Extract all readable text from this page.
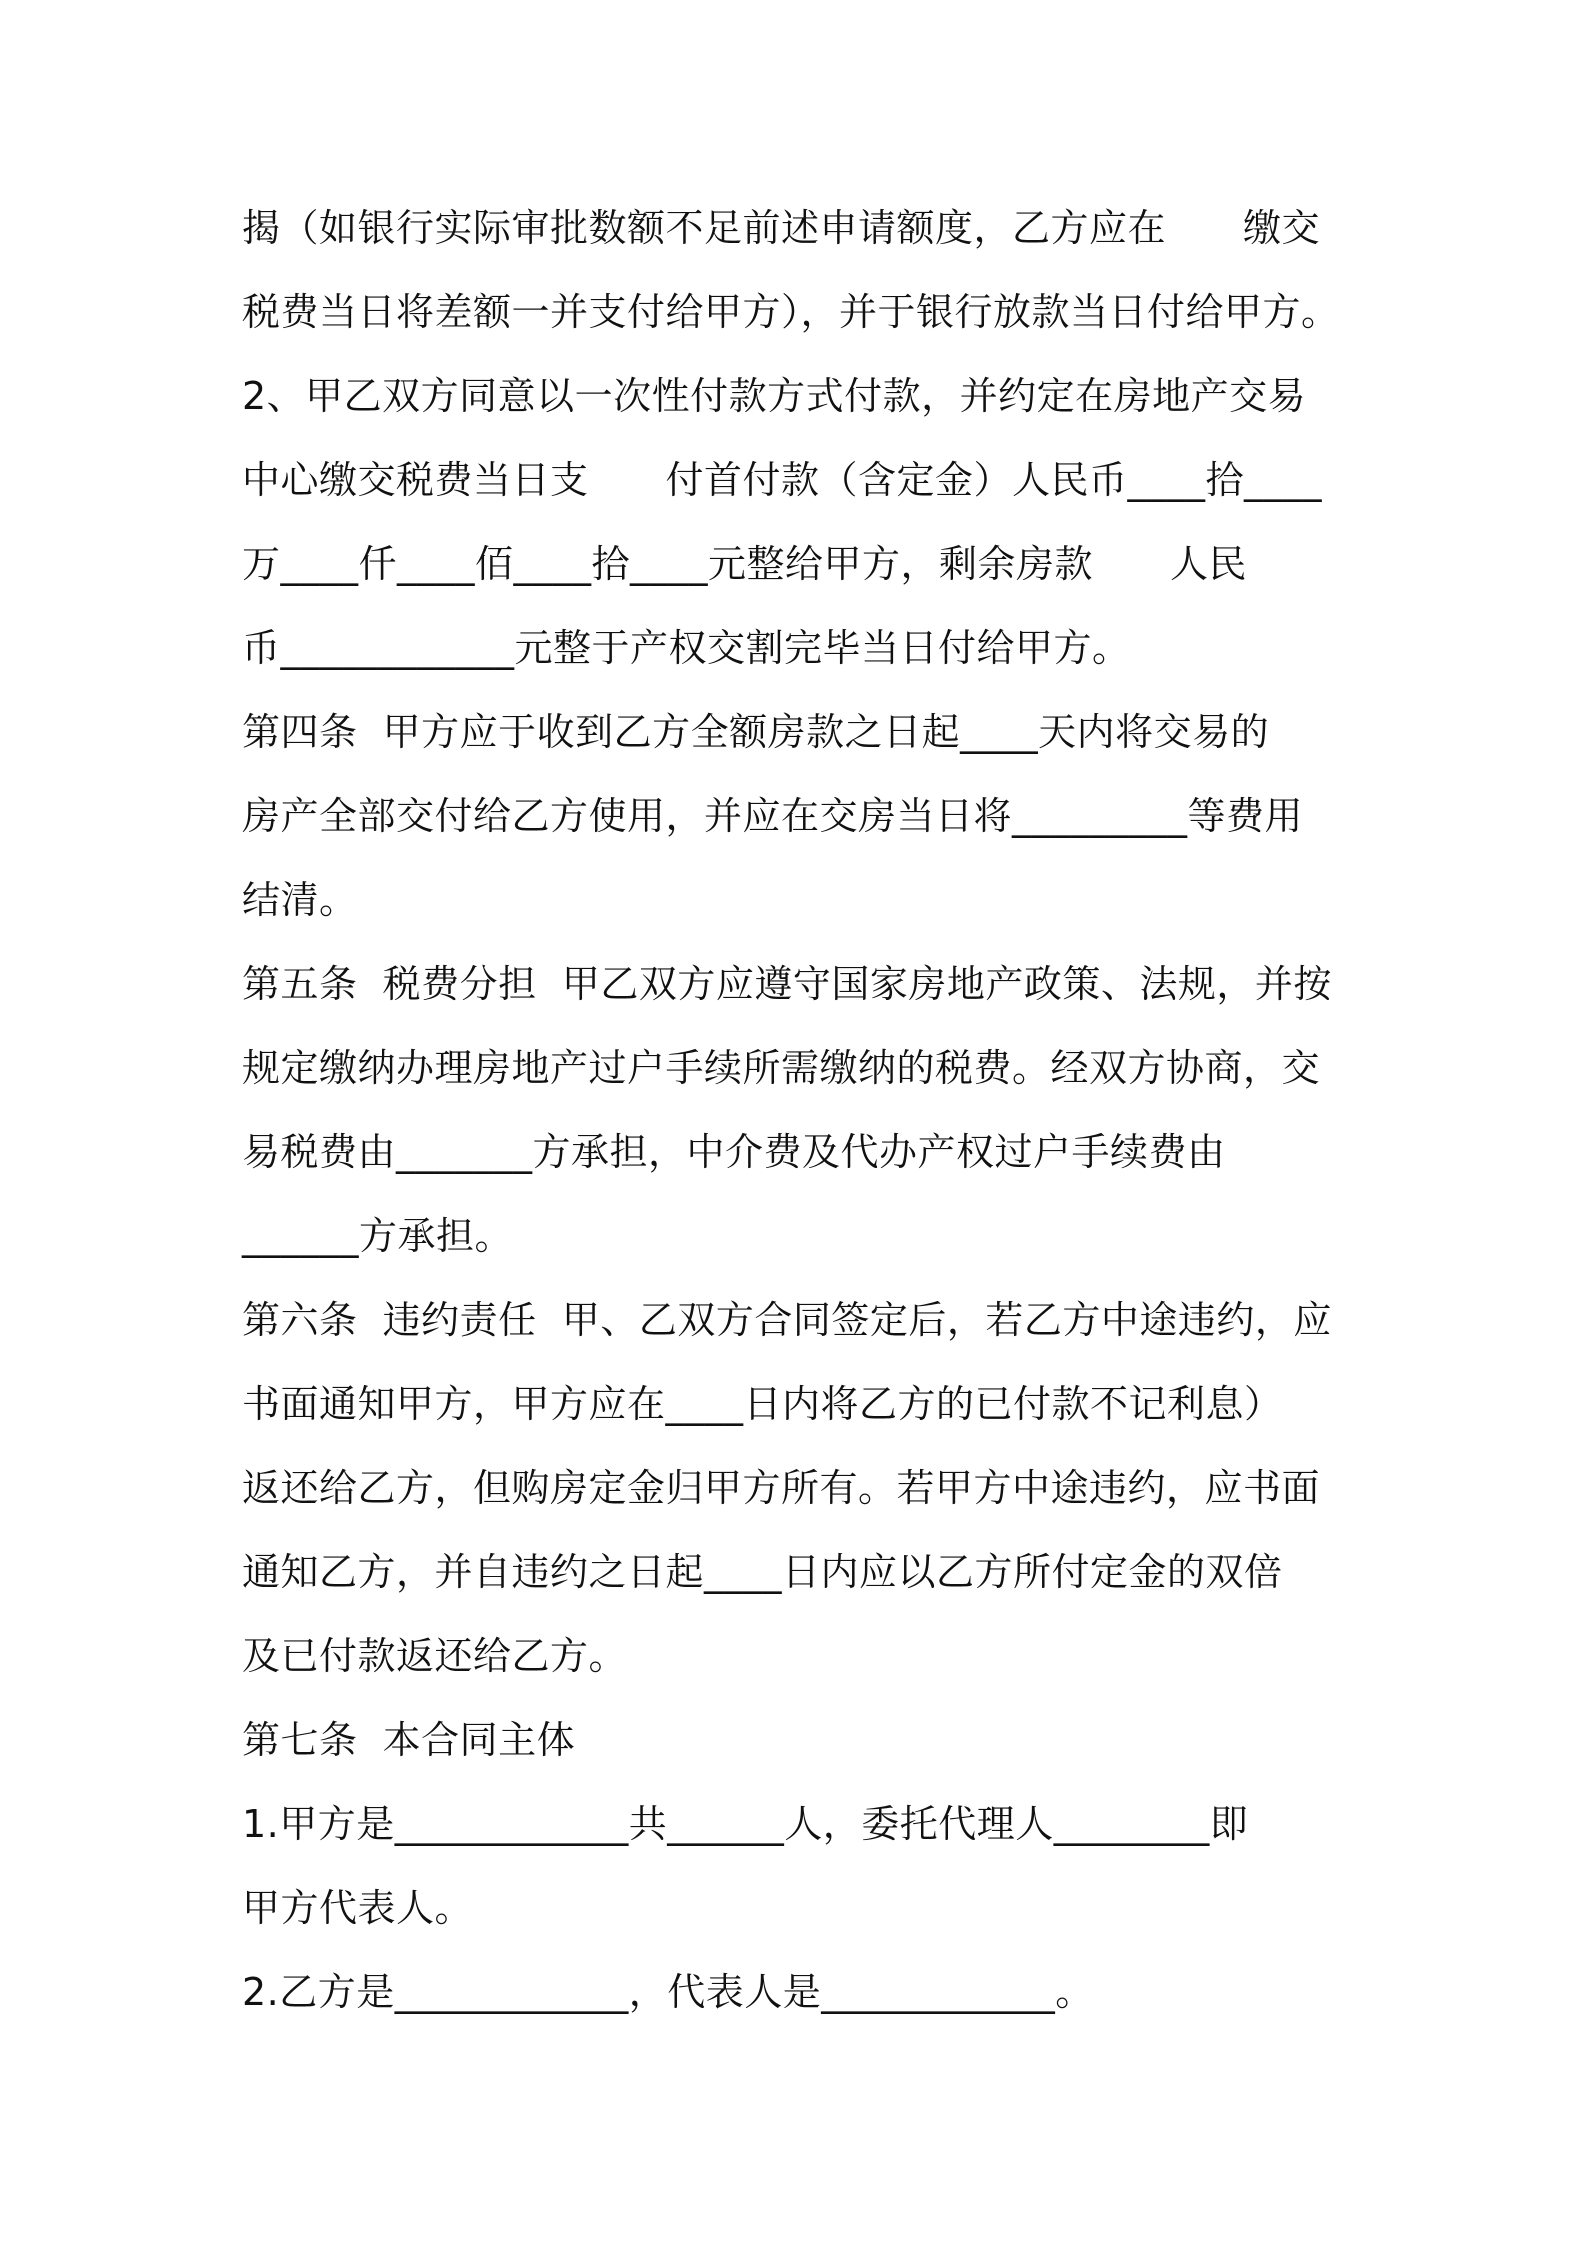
揭（如银行实际审批数额不足前述申请额度，乙方应在　　缴交
税费当日将差额一并支付给甲方），并于银行放款当日付给甲方。
2、甲乙双方同意以一次性付款方式付款，并约定在房地产交易
中心缴交税费当日支　　付首付款（含定金）人民币____拾____
万____仟____佰____拾____元整给甲方，剩余房款　　人民
币____________元整于产权交割完毕当日付给甲方。
第四条  甲方应于收到乙方全额房款之日起____天内将交易的
房产全部交付给乙方使用，并应在交房当日将_________等费用
结清。
第五条  税费分担  甲乙双方应遵守国家房地产政策、法规，并按
规定缴纳办理房地产过户手续所需缴纳的税费。经双方协商，交
易税费由_______方承担，中介费及代办产权过户手续费由
______方承担。
第六条  违约责任  甲、乙双方合同签定后，若乙方中途违约，应
书面通知甲方，甲方应在____日内将乙方的已付款不记利息）
返还给乙方，但购房定金归甲方所有。若甲方中途违约，应书面
通知乙方，并自违约之日起____日内应以乙方所付定金的双倍
及已付款返还给乙方。
第七条  本合同主体
1.甲方是____________共______人，委托代理人________即
甲方代表人。
2.乙方是____________，代表人是____________。
